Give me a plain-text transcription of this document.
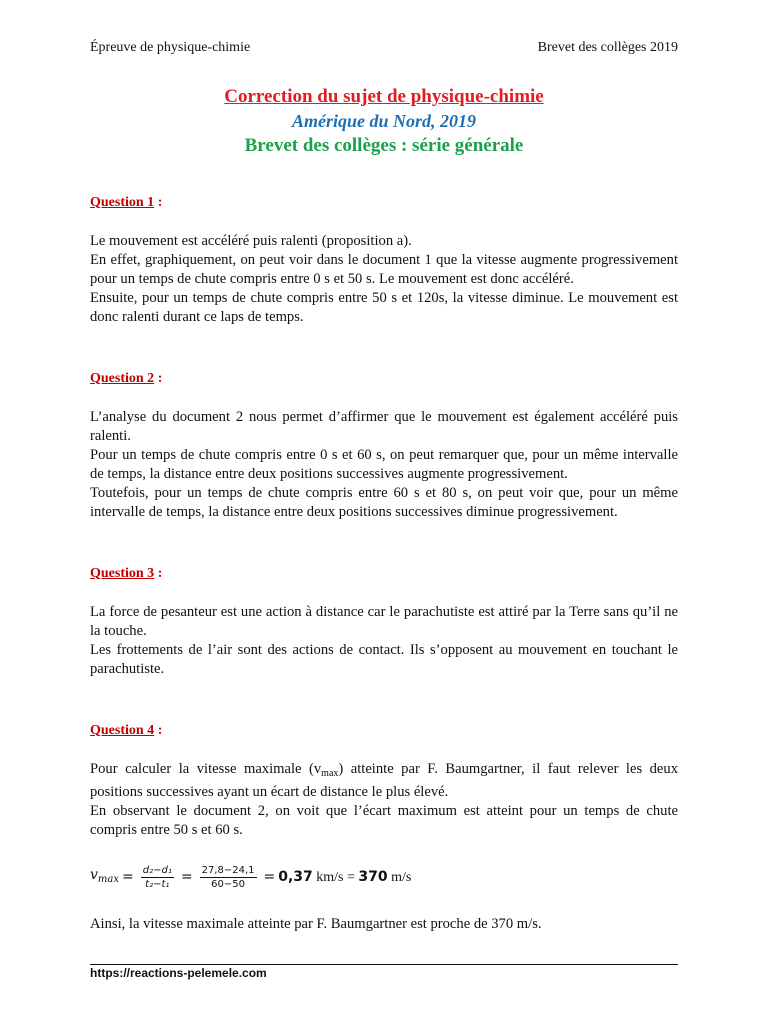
Épreuve de physique-chimie	Brevet des collèges 2019
Correction du sujet de physique-chimie
Amérique du Nord, 2019
Brevet des collèges : série générale
Question 1 :

Le mouvement est accéléré puis ralenti (proposition a).

En effet, graphiquement, on peut voir dans le document 1 que la vitesse augmente progressivement pour un temps de chute compris entre 0 s et 50 s. Le mouvement est donc accéléré.

Ensuite, pour un temps de chute compris entre 50 s et 120s, la vitesse diminue. Le mouvement est donc ralenti durant ce laps de temps.

Question 2 :

L’analyse du document 2 nous permet d’affirmer que le mouvement est également accéléré puis ralenti.

Pour un temps de chute compris entre 0 s et 60 s, on peut remarquer que, pour un même intervalle de temps, la distance entre deux positions successives augmente progressivement.

Toutefois, pour un temps de chute compris entre 60 s et 80 s, on peut voir que, pour un même intervalle de temps, la distance entre deux positions successives diminue progressivement.

Question 3 :

La force de pesanteur est une action à distance car le parachutiste est attiré par la Terre sans qu’il ne la touche.

Les frottements de l’air sont des actions de contact. Ils s’opposent au mouvement en touchant le parachutiste.

Question 4 :

Pour calculer la vitesse maximale $(v_{max})$ atteinte par F. Baumgartner, il faut relever les deux positions successives ayant un écart de distance le plus élevé.

En observant le document 2, on voit que l’écart maximum est atteint pour un temps de chute compris entre 50 s et 60 s.

$v_{max} = \frac{\text{d₂−d₁}}{\text{t₂−t₁}} = \frac{27,8-24,1}{60-50} = 0,37$ km/s = 370 m/s

Ainsi, la vitesse maximale atteinte par F. Baumgartner est proche de 370 m/s.

https://reactions-pelemele.com
